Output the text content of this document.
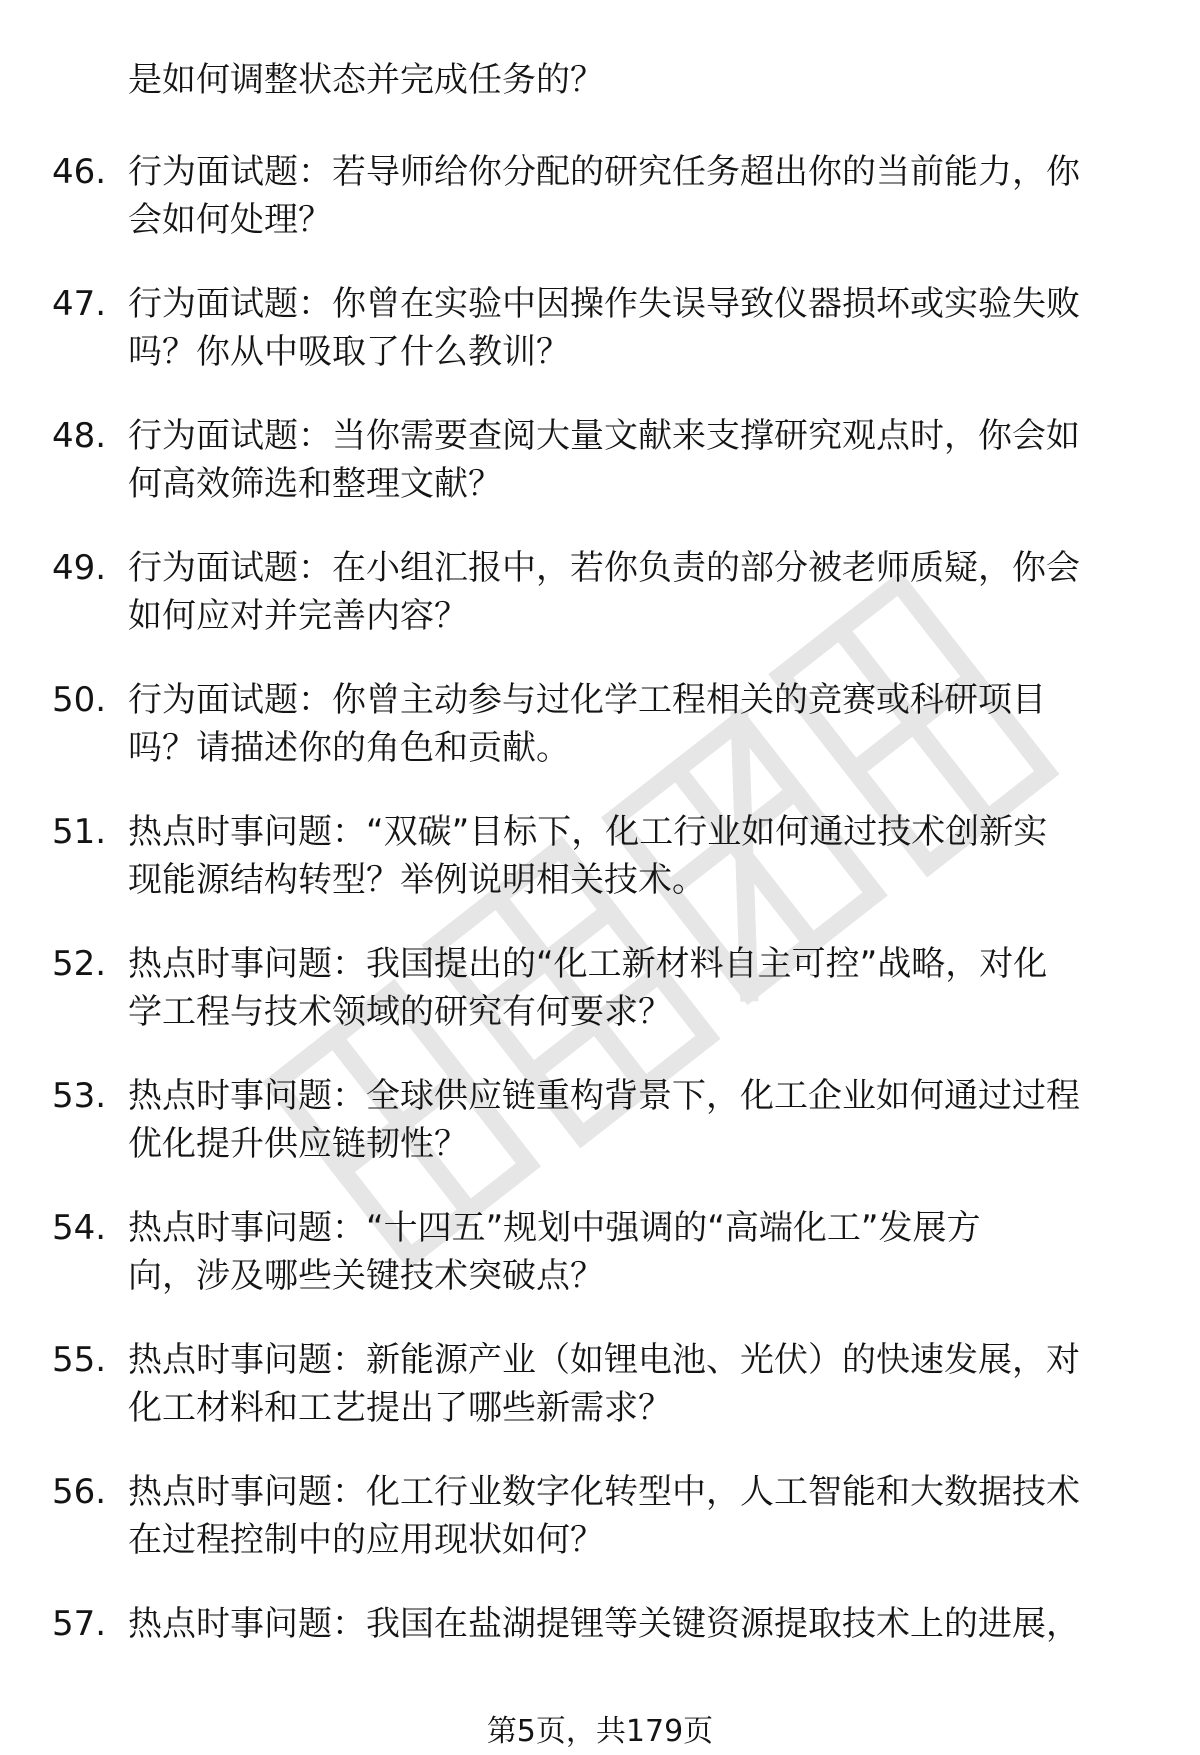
是如何调整状态并完成任务的？
46. 行为面试题：若导师给你分配的研究任务超出你的当前能力，你
会如何处理？
47. 行为面试题：你曾在实验中因操作失误导致仪器损坏或实验失败
吗？你从中吸取了什么教训？
48. 行为面试题：当你需要查阅大量文献来支撑研究观点时，你会如
何高效筛选和整理文献？
49. 行为面试题：在小组汇报中，若你负责的部分被老师质疑，你会
如何应对并完善内容？
50. 行为面试题：你曾主动参与过化学工程相关的竞赛或科研项目
吗？请描述你的角色和贡献。
51. 热点时事问题：“双碳”目标下，化工行业如何通过技术创新实
现能源结构转型？举例说明相关技术。
52. 热点时事问题：我国提出的“化工新材料自主可控”战略，对化
学工程与技术领域的研究有何要求？
53. 热点时事问题：全球供应链重构背景下，化工企业如何通过过程
优化提升供应链韧性？
54. 热点时事问题：“十四五”规划中强调的“高端化工”发展方
向，涉及哪些关键技术突破点？
55. 热点时事问题：新能源产业（如锂电池、光伏）的快速发展，对
化工材料和工艺提出了哪些新需求？
56. 热点时事问题：化工行业数字化转型中，人工智能和大数据技术
在过程控制中的应用现状如何？
57. 热点时事问题：我国在盐湖提锂等关键资源提取技术上的进展，
第5页，共179页
